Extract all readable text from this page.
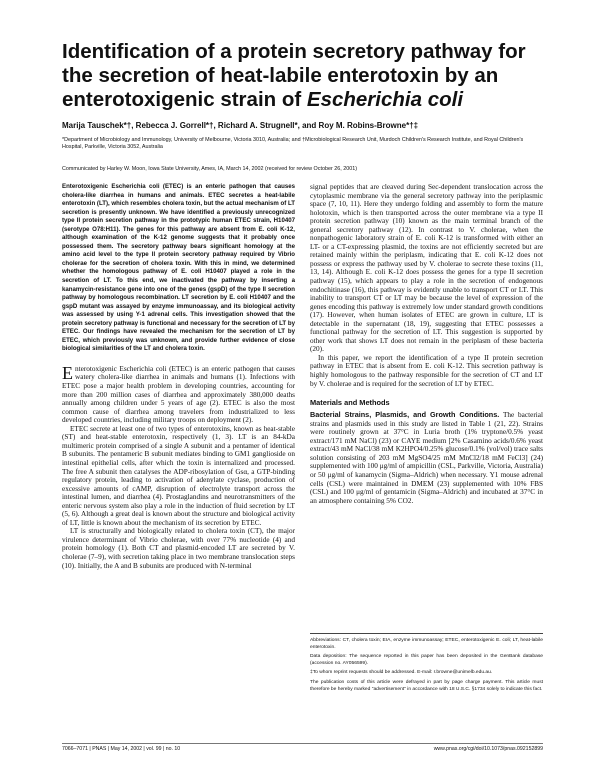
Identification of a protein secretory pathway for the secretion of heat-labile enterotoxin by an enterotoxigenic strain of Escherichia coli
Marija Tauschek*†, Rebecca J. Gorrell*†, Richard A. Strugnell*, and Roy M. Robins-Browne*†‡
*Department of Microbiology and Immunology, University of Melbourne, Victoria 3010, Australia; and †Microbiological Research Unit, Murdoch Children's Research Institute, and Royal Children's Hospital, Parkville, Victoria 3052, Australia
Communicated by Harley W. Moon, Iowa State University, Ames, IA, March 14, 2002 (received for review October 26, 2001)

Enterotoxigenic Escherichia coli (ETEC) is an enteric pathogen that causes cholera-like diarrhea in humans and animals. ETEC secretes a heat-labile enterotoxin (LT), which resembles cholera toxin, but the actual mechanism of LT secretion is presently unknown. We have identified a previously unrecognized type II protein secretion pathway in the prototypic human ETEC strain, H10407 (serotype O78:H11). The genes for this pathway are absent from E. coli K-12, although examination of the K-12 genome suggests that it probably once possessed them. The secretory pathway bears significant homology at the amino acid level to the type II protein secretory pathway required by Vibrio cholerae for the secretion of cholera toxin. With this in mind, we determined whether the homologous pathway of E. coli H10407 played a role in the secretion of LT. To this end, we inactivated the pathway by inserting a kanamycin-resistance gene into one of the genes (gspD) of the type II secretion pathway by homologous recombination. LT secretion by E. coli H10407 and the gspD mutant was assayed by enzyme immunoassay, and its biological activity was assessed by using Y-1 adrenal cells. This investigation showed that the protein secretory pathway is functional and necessary for the secretion of LT by ETEC. Our findings have revealed the mechanism for the secretion of LT by ETEC, which previously was unknown, and provide further evidence of close biological similarities of the LT and cholera toxin.

Enterotoxigenic Escherichia coli (ETEC) is an enteric pathogen that causes watery cholera-like diarrhea in animals and humans (1). Infections with ETEC pose a major health problem in developing countries, accounting for more than 200 million cases of diarrhea and approximately 380,000 deaths annually among children under 5 years of age (2). ETEC is also the most common cause of diarrhea among travelers from industrialized to less developed countries, including military troops on deployment (2).

ETEC secrete at least one of two types of enterotoxins, known as heat-stable (ST) and heat-stable enterotoxin, respectively (1, 3). LT is an 84-kDa multimeric protein comprised of a single A subunit and a pentamer of identical B subunits. The pentameric B subunit mediates binding to GM1 ganglioside on intestinal epithelial cells, after which the toxin is internalized and processed. The free A subunit then catalyses the ADP-ribosylation of Gsα, a GTP-binding regulatory protein, leading to activation of adenylate cyclase, production of excessive amounts of cAMP, disruption of electrolyte transport across the intestinal lumen, and diarrhea (4). Prostaglandins and neurotransmitters of the enteric nervous system also play a role in the induction of fluid secretion by LT (5, 6). Although a great deal is known about the structure and biological activity of LT, little is known about the mechanism of its secretion by ETEC.

LT is structurally and biologically related to cholera toxin (CT), the major virulence determinant of Vibrio cholerae, with over 77% nucleotide (4) and protein homology (1). Both CT and plasmid-encoded LT are secreted by V. cholerae (7–9), with secretion taking place in two membrane translocation steps (10). Initially, the A and B subunits are produced with N-terminal

signal peptides that are cleaved during Sec-dependent translocation across the cytoplasmic membrane via the general secretory pathway into the periplasmic space (7, 10, 11). Here they undergo folding and assembly to form the mature holotoxin, which is then transported across the outer membrane via a type II protein secretion pathway (10) known as the main terminal branch of the general secretory pathway (12). In contrast to V. cholerae, when the nonpathogenic laboratory strain of E. coli K-12 is transformed with either an LT- or a CT-expressing plasmid, the toxins are not efficiently secreted but are retained mainly within the periplasm, indicating that E. coli K-12 does not possess or express the pathway used by V. cholerae to secrete these toxins (11, 13, 14). Although E. coli K-12 does possess the genes for a type II secretion pathway (15), which appears to play a role in the secretion of endogenous endochitinase (16), this pathway is evidently unable to transport CT or LT. This inability to transport CT or LT may be because the level of expression of the genes encoding this pathway is extremely low under standard growth conditions (17). However, when human isolates of ETEC are grown in culture, LT is detectable in the supernatant (18, 19), suggesting that ETEC possesses a functional pathway for the secretion of LT. This suggestion is supported by other work that shows LT does not remain in the periplasm of these bacteria (20).

In this paper, we report the identification of a type II protein secretion pathway in ETEC that is absent from E. coli K-12. This secretion pathway is highly homologous to the pathway responsible for the secretion of CT and LT by V. cholerae and is required for the secretion of LT by ETEC.

Materials and Methods

Bacterial Strains, Plasmids, and Growth Conditions. The bacterial strains and plasmids used in this study are listed in Table 1 (21, 22). Strains were routinely grown at 37°C in Luria broth (1% tryptone/0.5% yeast extract/171 mM NaCl) (23) or CAYE medium [2% Casamino acids/0.6% yeast extract/43 mM NaCl/38 mM K2HPO4/0.25% glucose/0.1% (vol/vol) trace salts solution consisting of 203 mM MgSO4/25 mM MnCl2/18 mM FeCl3] (24) supplemented with 100 μg/ml of ampicillin (CSL, Parkville, Victoria, Australia) or 50 μg/ml of kanamycin (Sigma–Aldrich) when necessary. Y1 mouse adrenal cells (CSL) were maintained in DMEM (23) supplemented with 10% FBS (CSL) and 100 μg/ml of gentamicin (Sigma–Aldrich) and incubated at 37°C in an atmosphere containing 5% CO2.

Abbreviations: CT, cholera toxin; EIA, enzyme immunoassay; ETEC, enterotoxigenic E. coli; LT, heat-labile enterotoxin.

Data deposition: The sequence reported in this paper has been deposited in the GenBank database (accession no. AY056599).

‡To whom reprint requests should be addressed. E-mail: r.browne@unimelb.edu.au.

The publication costs of this article were defrayed in part by page charge payment. This article must therefore be hereby marked "advertisement" in accordance with 18 U.S.C. §1734 solely to indicate this fact.

7066–7071 | PNAS | May 14, 2002 | vol. 99 | no. 10	www.pnas.org/cgi/doi/10.1073/pnas.092152899
